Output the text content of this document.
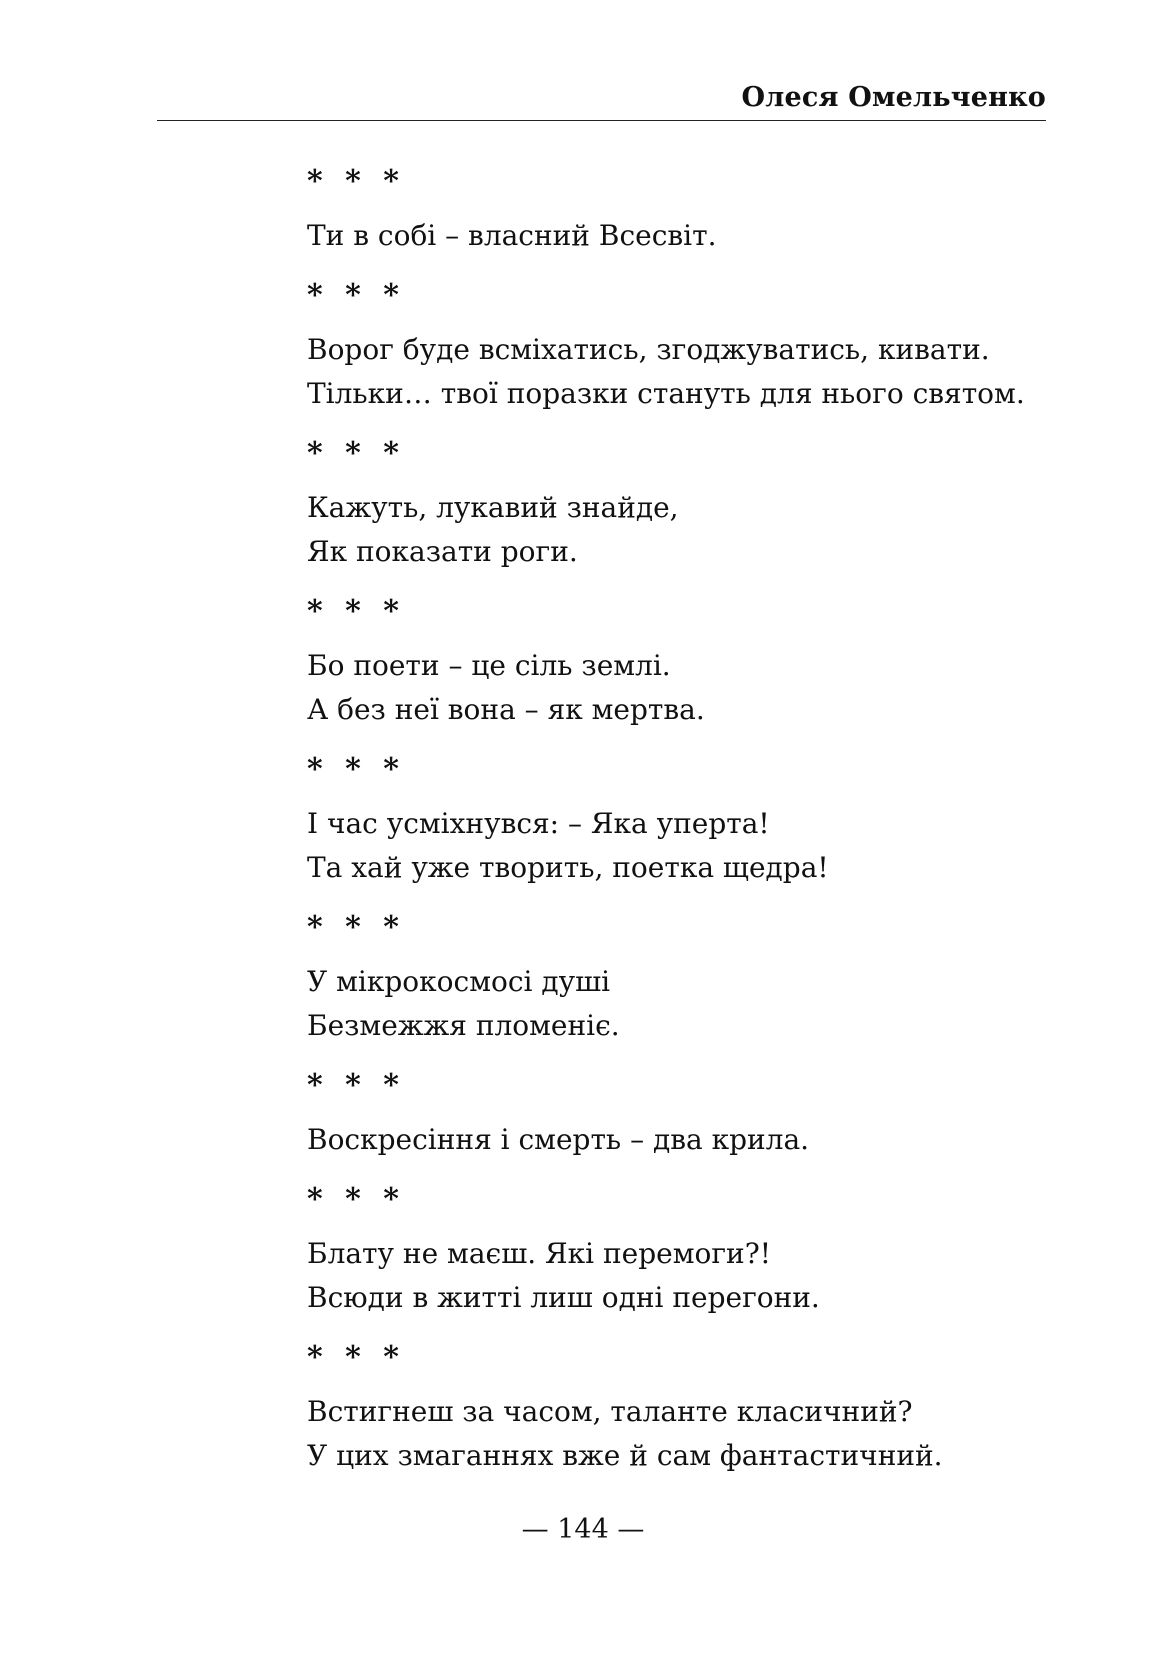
Олеся Омельченко
* * *
Ти в собі – власний Всесвіт.
* * *
Ворог буде всміхатись, згоджуватись, кивати.
Тільки… твої поразки стануть для нього святом.
* * *
Кажуть, лукавий знайде,
Як показати роги.
* * *
Бо поети – це сіль землі.
А без неї вона – як мертва.
* * *
І час усміхнувся: – Яка уперта!
Та хай уже творить, поетка щедра!
* * *
У мікрокосмосі душі
Безмежжя пломеніє.
* * *
Воскресіння і смерть – два крила.
* * *
Блату не маєш. Які перемоги?!
Всюди в житті лиш одні перегони.
* * *
Встигнеш за часом, таланте класичний?
У цих змаганнях вже й сам фантастичний.
— 144 —
